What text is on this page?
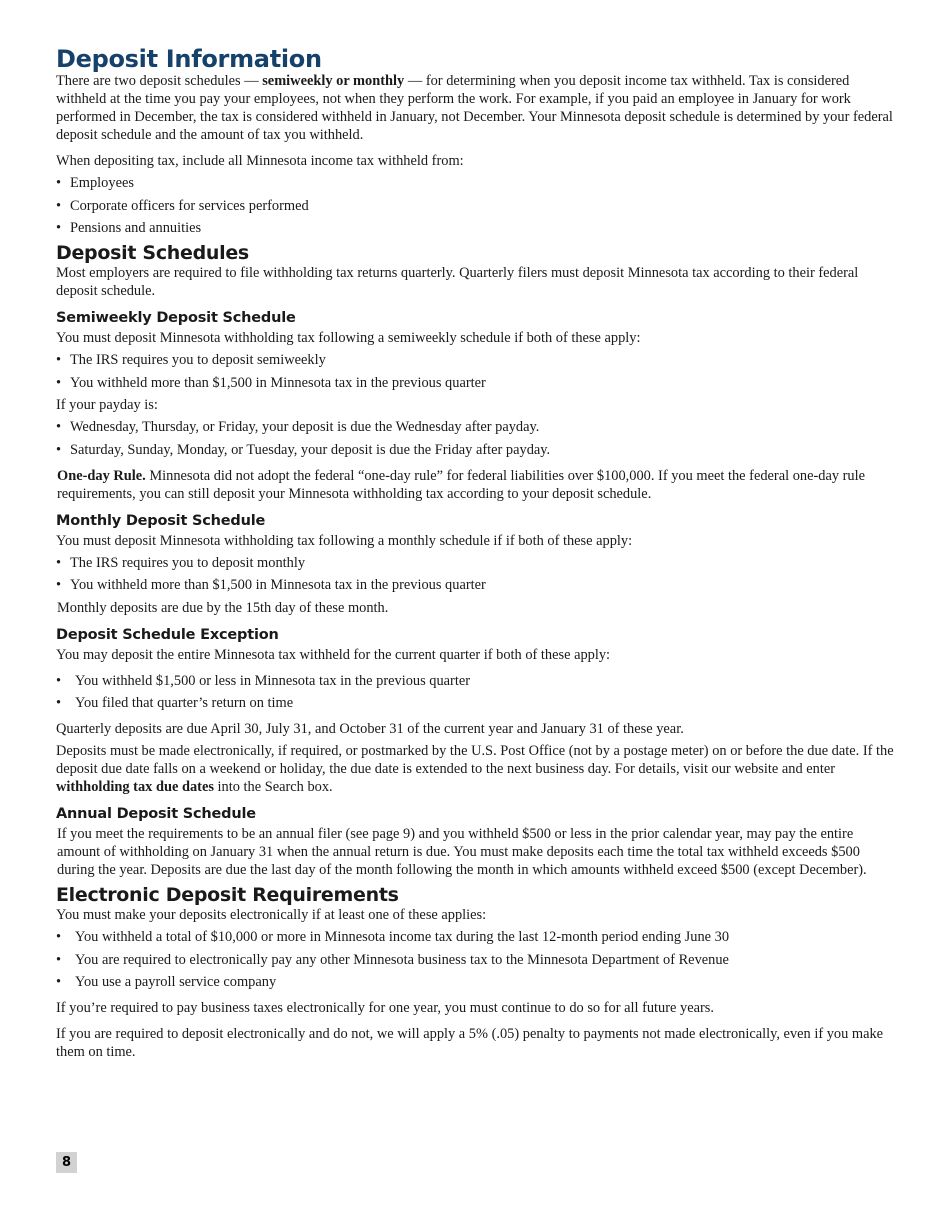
Deposit Information

There are two deposit schedules — semiweekly or monthly — for determining when you deposit income tax withheld. Tax is considered withheld at the time you pay your employees, not when they perform the work. For example, if you paid an employee in January for work performed in December, the tax is considered withheld in January, not December. Your Minnesota deposit schedule is determined by your federal deposit schedule and the amount of tax you withheld.

When depositing tax, include all Minnesota income tax withheld from:

• Employees
• Corporate officers for services performed
• Pensions and annuities
Deposit Schedules

Most employers are required to file withholding tax returns quarterly. Quarterly filers must deposit Minnesota tax according to their federal deposit schedule.

Semiweekly Deposit Schedule

You must deposit Minnesota withholding tax following a semiweekly schedule if both of these apply:

• The IRS requires you to deposit semiweekly
• You withheld more than $1,500 in Minnesota tax in the previous quarter

If your payday is:

• Wednesday, Thursday, or Friday, your deposit is due the Wednesday after payday.
• Saturday, Sunday, Monday, or Tuesday, your deposit is due the Friday after payday.

One-day Rule. Minnesota did not adopt the federal “one-day rule” for federal liabilities over $100,000. If you meet the federal one-day rule requirements, you can still deposit your Minnesota withholding tax according to your deposit schedule.

Monthly Deposit Schedule

You must deposit Minnesota withholding tax following a monthly schedule if if both of these apply:

• The IRS requires you to deposit monthly
• You withheld more than $1,500 in Minnesota tax in the previous quarter

Monthly deposits are due by the 15th day of these month.

Deposit Schedule Exception

You may deposit the entire Minnesota tax withheld for the current quarter if both of these apply:

• You withheld $1,500 or less in Minnesota tax in the previous quarter
• You filed that quarter’s return on time

Quarterly deposits are due April 30, July 31, and October 31 of the current year and January 31 of these year.

Deposits must be made electronically, if required, or postmarked by the U.S. Post Office (not by a postage meter) on or before the due date. If the deposit due date falls on a weekend or holiday, the due date is extended to the next business day. For details, visit our website and enter withholding tax due dates into the Search box.

Annual Deposit Schedule

If you meet the requirements to be an annual filer (see page 9) and you withheld $500 or less in the prior calendar year, may pay the entire amount of withholding on January 31 when the annual return is due. You must make deposits each time the total tax withheld exceeds $500 during the year. Deposits are due the last day of the month following the month in which amounts withheld exceed $500 (except December).

Electronic Deposit Requirements

You must make your deposits electronically if at least one of these applies:

• You withheld a total of $10,000 or more in Minnesota income tax during the last 12-month period ending June 30
• You are required to electronically pay any other Minnesota business tax to the Minnesota Department of Revenue
• You use a payroll service company

If you’re required to pay business taxes electronically for one year, you must continue to do so for all future years.

If you are required to deposit electronically and do not, we will apply a 5% (.05) penalty to payments not made electronically, even if you make them on time.

8
